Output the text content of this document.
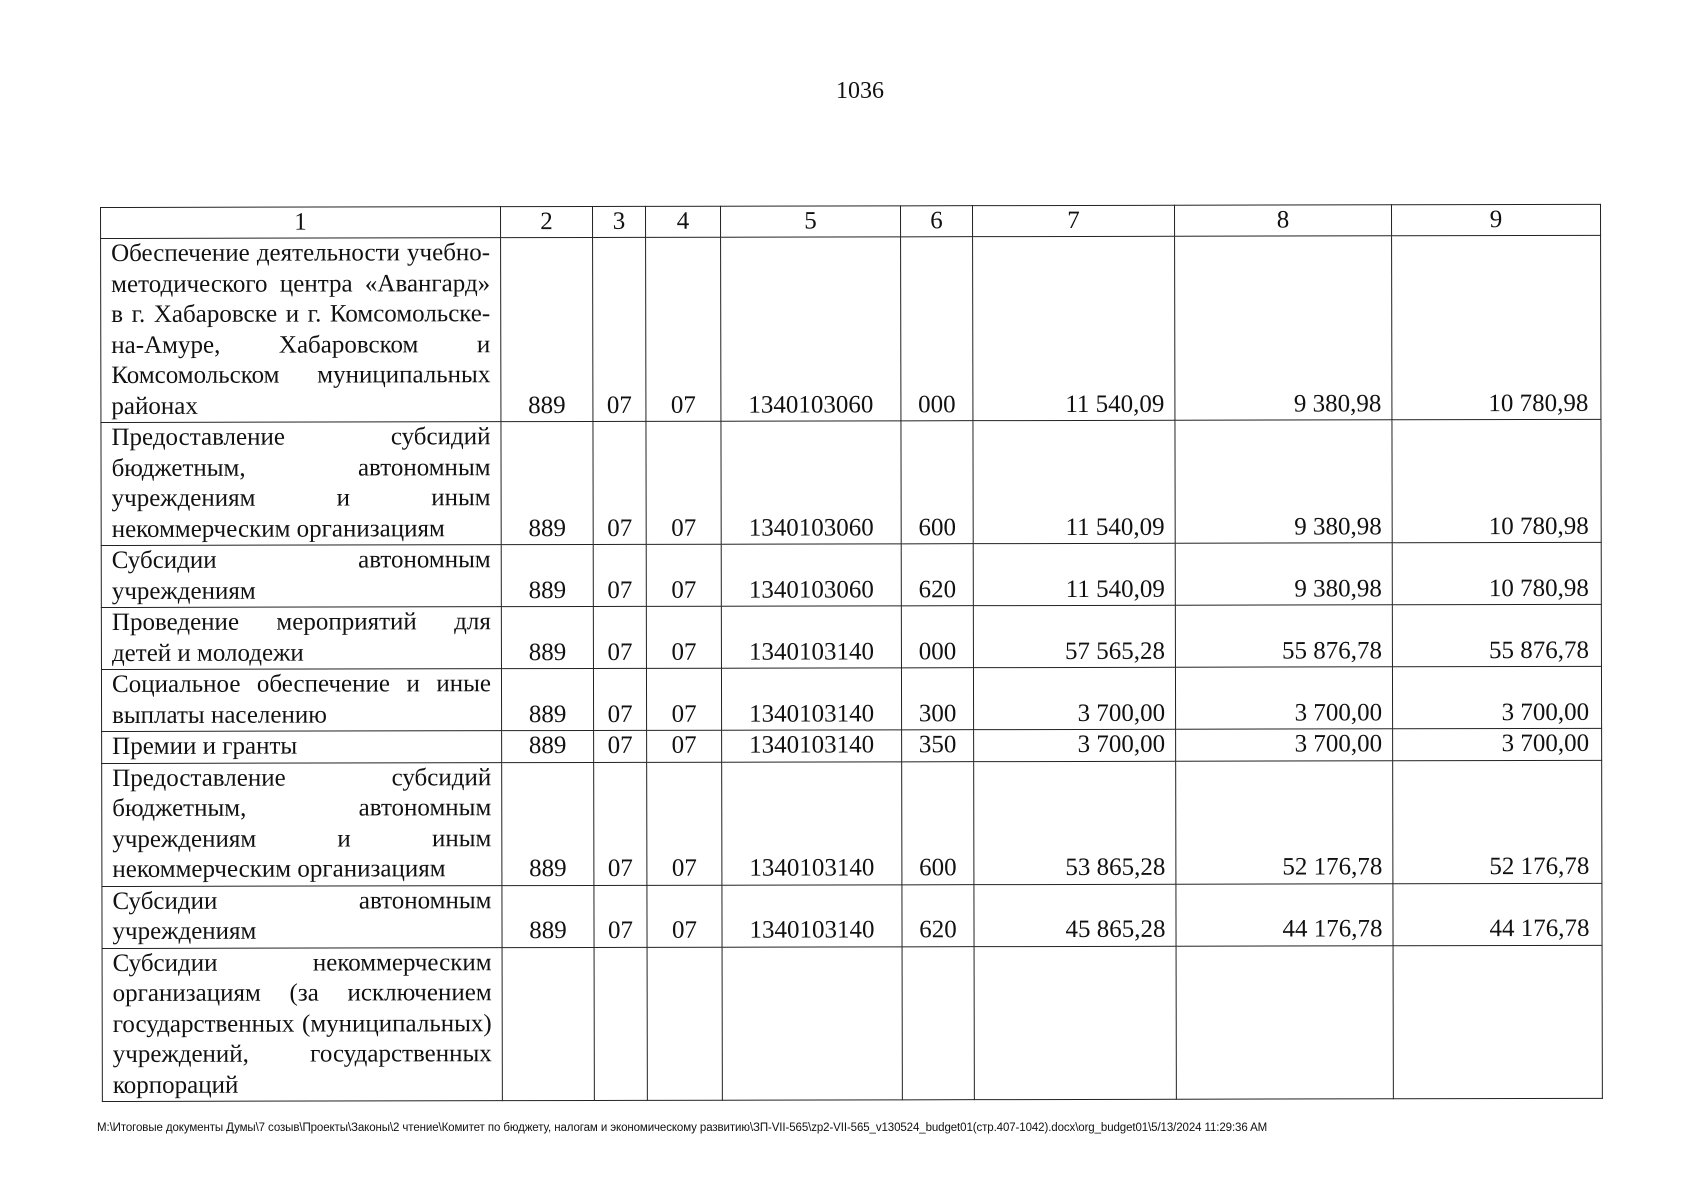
1036
1	2	3	4	5	6	7	8	9
Обеспечение деятельности учебно-методического центра «Авангард» в г. Хабаровске и г. Комсомольске-на-Амуре, Хабаровском и Комсомольском муниципальных районах	889	07	07	1340103060	000	11 540,09	9 380,98	10 780,98
Предоставление субсидий бюджетным, автономным учреждениям и иным некоммерческим организациям	889	07	07	1340103060	600	11 540,09	9 380,98	10 780,98
Субсидии автономным учреждениям	889	07	07	1340103060	620	11 540,09	9 380,98	10 780,98
Проведение мероприятий для детей и молодежи	889	07	07	1340103140	000	57 565,28	55 876,78	55 876,78
Социальное обеспечение и иные выплаты населению	889	07	07	1340103140	300	3 700,00	3 700,00	3 700,00
Премии и гранты	889	07	07	1340103140	350	3 700,00	3 700,00	3 700,00
Предоставление субсидий бюджетным, автономным учреждениям и иным некоммерческим организациям	889	07	07	1340103140	600	53 865,28	52 176,78	52 176,78
Субсидии автономным учреждениям	889	07	07	1340103140	620	45 865,28	44 176,78	44 176,78
Субсидии некоммерческим организациям (за исключением государственных (муниципальных) учреждений, государственных корпораций								
M:\Итоговые документы Думы\7 созыв\Проекты\Законы\2 чтение\Комитет по бюджету, налогам и экономическому развитию\ЗП-VII-565\zp2-VII-565_v130524_budget01(стр.407-1042).docx\org_budget01\5/13/2024 11:29:36 AM
